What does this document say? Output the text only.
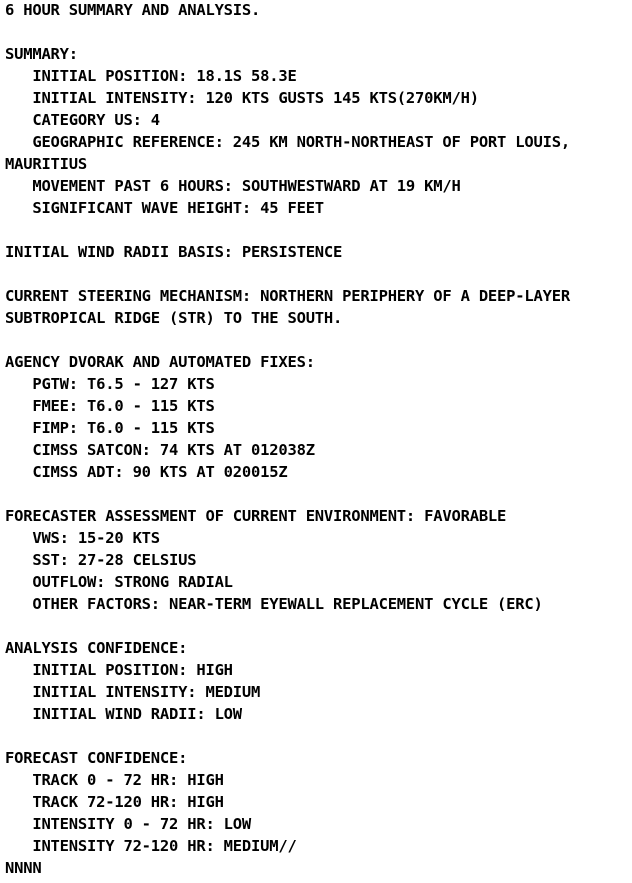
6 HOUR SUMMARY AND ANALYSIS.

SUMMARY:
INITIAL POSITION: 18.1S 58.3E
INITIAL INTENSITY: 120 KTS GUSTS 145 KTS(270KM/H)
CATEGORY US: 4
GEOGRAPHIC REFERENCE: 245 KM NORTH-NORTHEAST OF PORT LOUIS,
MAURITIUS
MOVEMENT PAST 6 HOURS: SOUTHWESTWARD AT 19 KM/H
SIGNIFICANT WAVE HEIGHT: 45 FEET

INITIAL WIND RADII BASIS: PERSISTENCE

CURRENT STEERING MECHANISM: NORTHERN PERIPHERY OF A DEEP-LAYER
SUBTROPICAL RIDGE (STR) TO THE SOUTH.

AGENCY DVORAK AND AUTOMATED FIXES:
PGTW: T6.5 - 127 KTS
FMEE: T6.0 - 115 KTS
FIMP: T6.0 - 115 KTS
CIMSS SATCON: 74 KTS AT 012038Z
CIMSS ADT: 90 KTS AT 020015Z

FORECASTER ASSESSMENT OF CURRENT ENVIRONMENT: FAVORABLE
VWS: 15-20 KTS
SST: 27-28 CELSIUS
OUTFLOW: STRONG RADIAL
OTHER FACTORS: NEAR-TERM EYEWALL REPLACEMENT CYCLE (ERC)

ANALYSIS CONFIDENCE:
INITIAL POSITION: HIGH
INITIAL INTENSITY: MEDIUM
INITIAL WIND RADII: LOW

FORECAST CONFIDENCE:
TRACK 0 - 72 HR: HIGH
TRACK 72-120 HR: HIGH
INTENSITY 0 - 72 HR: LOW
INTENSITY 72-120 HR: MEDIUM//
NNNN
